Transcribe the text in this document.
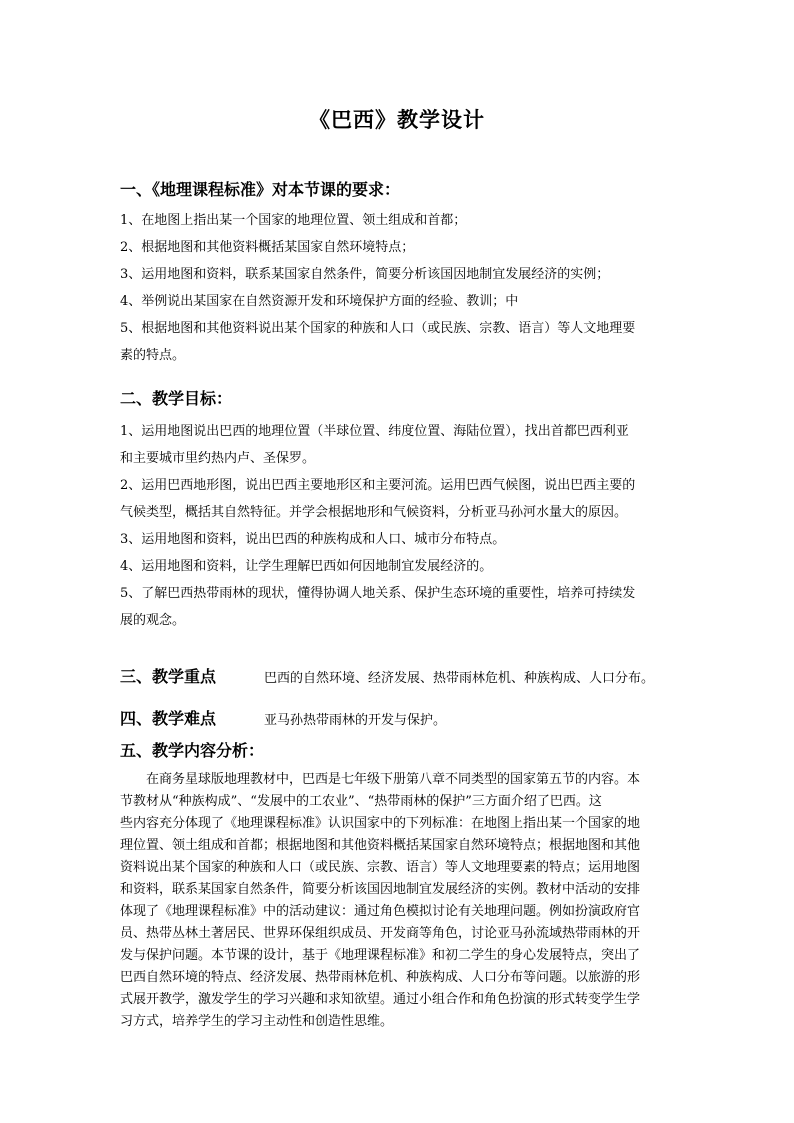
《巴西》教学设计
一、《地理课程标准》对本节课的要求：
1、在地图上指出某一个国家的地理位置、领土组成和首都；
2、根据地图和其他资料概括某国家自然环境特点；
3、运用地图和资料，联系某国家自然条件，简要分析该国因地制宜发展经济的实例；
4、举例说出某国家在自然资源开发和环境保护方面的经验、教训；中
5、根据地图和其他资料说出某个国家的种族和人口（或民族、宗教、语言）等人文地理要
素的特点。
二、教学目标：
1、运用地图说出巴西的地理位置（半球位置、纬度位置、海陆位置），找出首都巴西利亚
和主要城市里约热内卢、圣保罗。
2、运用巴西地形图，说出巴西主要地形区和主要河流。运用巴西气候图，说出巴西主要的
气候类型，概括其自然特征。并学会根据地形和气候资料，分析亚马孙河水量大的原因。
3、运用地图和资料，说出巴西的种族构成和人口、城市分布特点。
4、运用地图和资料，让学生理解巴西如何因地制宜发展经济的。
5、了解巴西热带雨林的现状，懂得协调人地关系、保护生态环境的重要性，培养可持续发
展的观念。
三、教学重点	巴西的自然环境、经济发展、热带雨林危机、种族构成、人口分布。
四、教学难点	亚马孙热带雨林的开发与保护。
五、教学内容分析：
　　在商务星球版地理教材中，巴西是七年级下册第八章不同类型的国家第五节的内容。本
节教材从“种族构成”、“发展中的工农业”、“热带雨林的保护”三方面介绍了巴西。这
些内容充分体现了《地理课程标准》认识国家中的下列标准：在地图上指出某一个国家的地
理位置、领土组成和首都；根据地图和其他资料概括某国家自然环境特点；根据地图和其他
资料说出某个国家的种族和人口（或民族、宗教、语言）等人文地理要素的特点；运用地图
和资料，联系某国家自然条件，简要分析该国因地制宜发展经济的实例。教材中活动的安排
体现了《地理课程标准》中的活动建议：通过角色模拟讨论有关地理问题。例如扮演政府官
员、热带丛林土著居民、世界环保组织成员、开发商等角色，讨论亚马孙流域热带雨林的开
发与保护问题。本节课的设计，基于《地理课程标准》和初二学生的身心发展特点，突出了
巴西自然环境的特点、经济发展、热带雨林危机、种族构成、人口分布等问题。以旅游的形
式展开教学，激发学生的学习兴趣和求知欲望。通过小组合作和角色扮演的形式转变学生学
习方式，培养学生的学习主动性和创造性思维。
